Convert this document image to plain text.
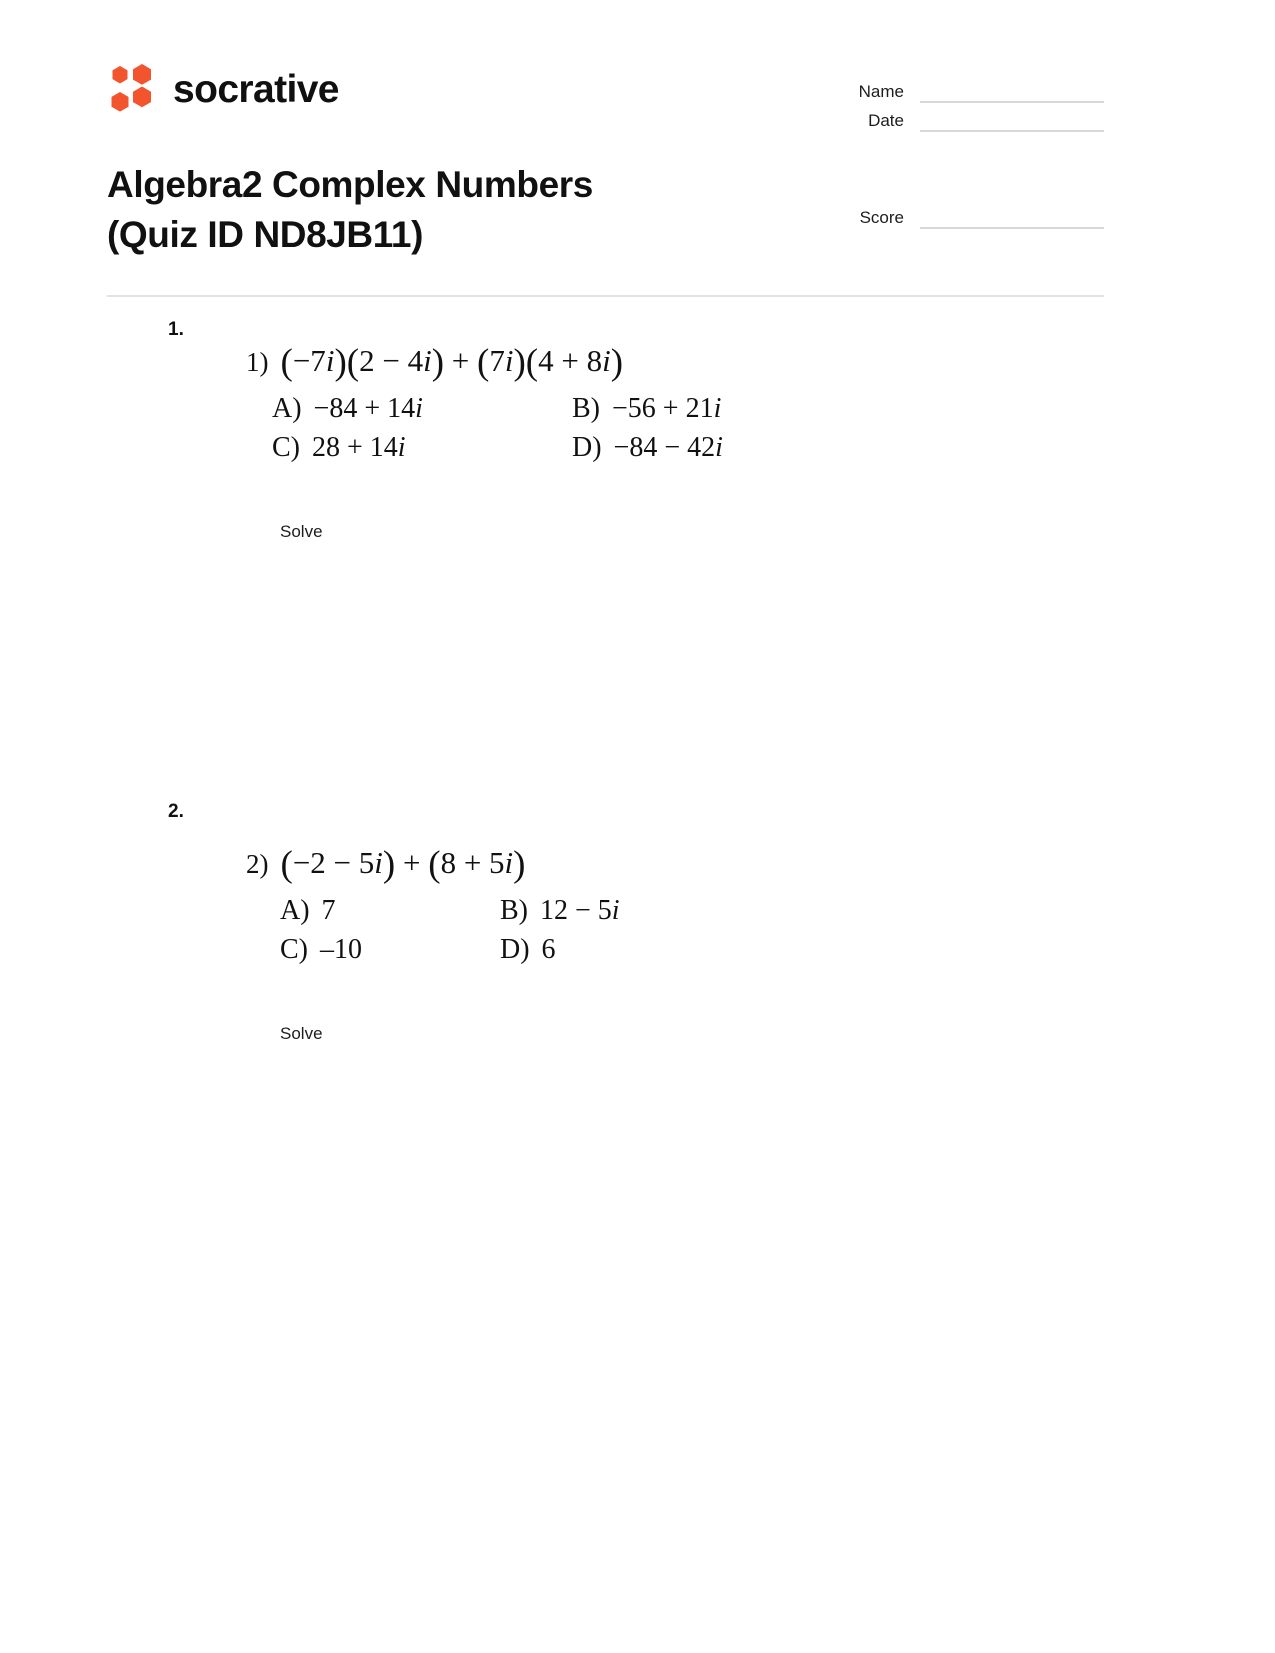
socrative
Algebra2 Complex Numbers
(Quiz ID ND8JB11)
Name
Date
Score
1.
1) (−7i)(2 − 4i) + (7i)(4 + 8i)
A) −84 + 14i	B) −56 + 21i
C) 28 + 14i	D) −84 − 42i
Solve
2.
2) (−2 − 5i) + (8 + 5i)
A) 7	B) 12 − 5i
C) –10	D) 6
Solve
